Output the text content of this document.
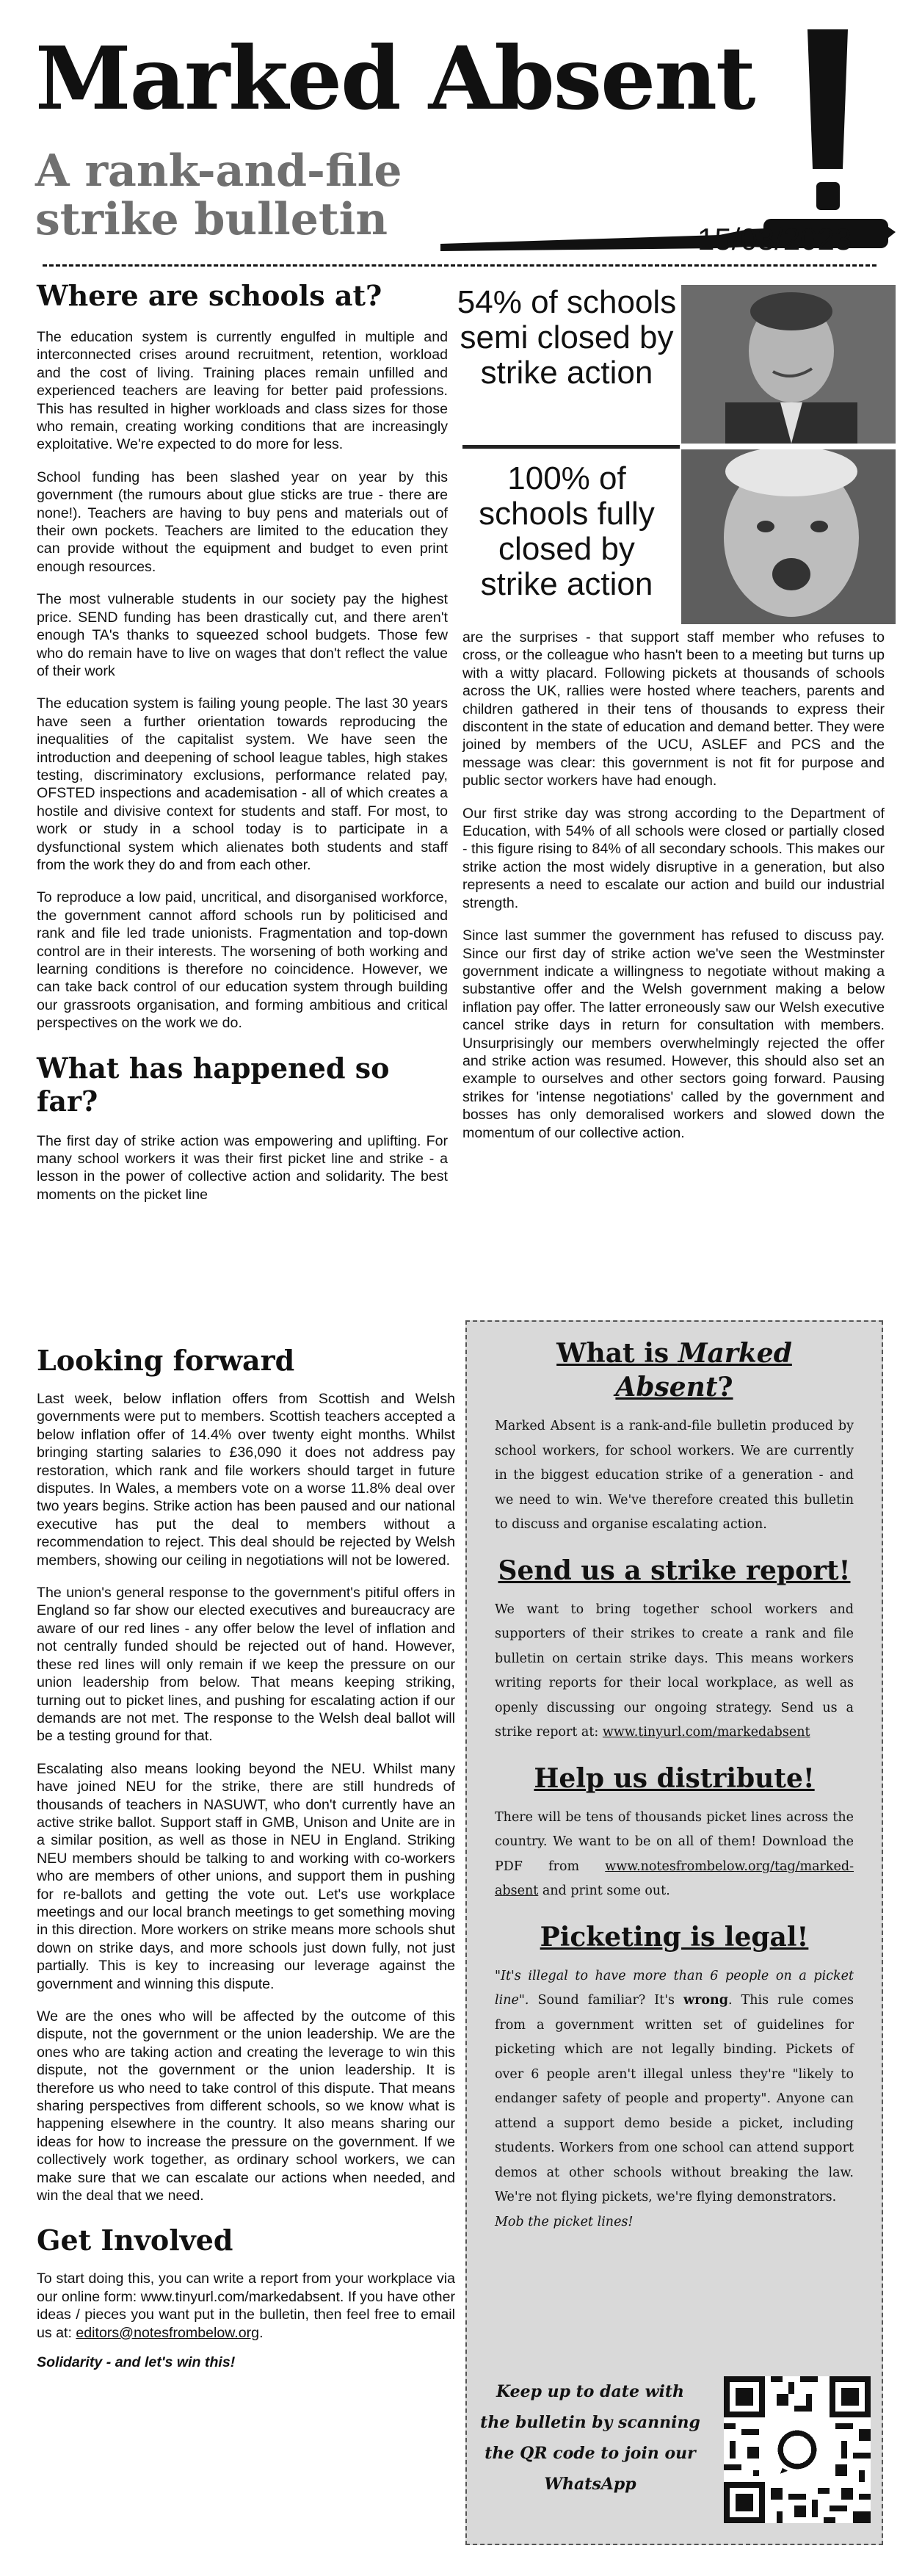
Marked Absent
A rank-and-file strike bulletin	15/03/2023
Where are schools at?

The education system is currently engulfed in multiple and interconnected crises around recruitment, retention, workload and the cost of living. Training places remain unfilled and experienced teachers are leaving for better paid professions. This has resulted in higher workloads and class sizes for those who remain, creating working conditions that are increasingly exploitative. We're expected to do more for less.

School funding has been slashed year on year by this government (the rumours about glue sticks are true - there are none!). Teachers are having to buy pens and materials out of their own pockets. Teachers are limited to the education they can provide without the equipment and budget to even print enough resources.

The most vulnerable students in our society pay the highest price. SEND funding has been drastically cut, and there aren't enough TA's thanks to squeezed school budgets. Those few who do remain have to live on wages that don't reflect the value of their work

The education system is failing young people. The last 30 years have seen a further orientation towards reproducing the inequalities of the capitalist system. We have seen the introduction and deepening of school league tables, high stakes testing, discriminatory exclusions, performance related pay, OFSTED inspections and academisation - all of which creates a hostile and divisive context for students and staff. For most, to work or study in a school today is to participate in a dysfunctional system which alienates both students and staff from the work they do and from each other.

To reproduce a low paid, uncritical, and disorganised workforce, the government cannot afford schools run by politicised and rank and file led trade unionists. Fragmentation and top-down control are in their interests. The worsening of both working and learning conditions is therefore no coincidence. However, we can take back control of our education system through building our grassroots organisation, and forming ambitious and critical perspectives on the work we do.

What has happened so far?

The first day of strike action was empowering and uplifting. For many school workers it was their first picket line and strike - a lesson in the power of collective action and solidarity. The best moments on the picket line

54% of schools semi closed by strike action
100% of schools fully closed by strike action

are the surprises - that support staff member who refuses to cross, or the colleague who hasn't been to a meeting but turns up with a witty placard. Following pickets at thousands of schools across the UK, rallies were hosted where teachers, parents and children gathered in their tens of thousands to express their discontent in the state of education and demand better. They were joined by members of the UCU, ASLEF and PCS and the message was clear: this government is not fit for purpose and public sector workers have had enough.

Our first strike day was strong according to the Department of Education, with 54% of all schools were closed or partially closed - this figure rising to 84% of all secondary schools. This makes our strike action the most widely disruptive in a generation, but also represents a need to escalate our action and build our industrial strength.

Since last summer the government has refused to discuss pay. Since our first day of strike action we've seen the Westminster government indicate a willingness to negotiate without making a substantive offer and the Welsh government making a below inflation pay offer. The latter erroneously saw our Welsh executive cancel strike days in return for consultation with members. Unsurprisingly our members overwhelmingly rejected the offer and strike action was resumed. However, this should also set an example to ourselves and other sectors going forward. Pausing strikes for 'intense negotiations' called by the government and bosses has only demoralised workers and slowed down the momentum of our collective action.

Looking forward

Last week, below inflation offers from Scottish and Welsh governments were put to members. Scottish teachers accepted a below inflation offer of 14.4% over twenty eight months. Whilst bringing starting salaries to £36,090 it does not address pay restoration, which rank and file workers should target in future disputes. In Wales, a members vote on a worse 11.8% deal over two years begins. Strike action has been paused and our national executive has put the deal to members without a recommendation to reject. This deal should be rejected by Welsh members, showing our ceiling in negotiations will not be lowered.

The union's general response to the government's pitiful offers in England so far show our elected executives and bureaucracy are aware of our red lines - any offer below the level of inflation and not centrally funded should be rejected out of hand. However, these red lines will only remain if we keep the pressure on our union leadership from below. That means keeping striking, turning out to picket lines, and pushing for escalating action if our demands are not met. The response to the Welsh deal ballot will be a testing ground for that.

Escalating also means looking beyond the NEU. Whilst many have joined NEU for the strike, there are still hundreds of thousands of teachers in NASUWT, who don't currently have an active strike ballot. Support staff in GMB, Unison and Unite are in a similar position, as well as those in NEU in England. Striking NEU members should be talking to and working with co-workers who are members of other unions, and support them in pushing for re-ballots and getting the vote out. Let's use workplace meetings and our local branch meetings to get something moving in this direction. More workers on strike means more schools shut down on strike days, and more schools just down fully, not just partially. This is key to increasing our leverage against the government and winning this dispute.

We are the ones who will be affected by the outcome of this dispute, not the government or the union leadership. We are the ones who are taking action and creating the leverage to win this dispute, not the government or the union leadership. It is therefore us who need to take control of this dispute. That means sharing perspectives from different schools, so we know what is happening elsewhere in the country. It also means sharing our ideas for how to increase the pressure on the government. If we collectively work together, as ordinary school workers, we can make sure that we can escalate our actions when needed, and win the deal that we need.

Get Involved

To start doing this, you can write a report from your workplace via our online form: www.tinyurl.com/markedabsent. If you have other ideas / pieces you want put in the bulletin, then feel free to email us at: editors@notesfrombelow.org.

Solidarity - and let's win this!

What is Marked Absent?
Marked Absent is a rank-and-file bulletin produced by school workers, for school workers. We are currently in the biggest education strike of a generation - and we need to win. We've therefore created this bulletin to discuss and organise escalating action.
Send us a strike report!
We want to bring together school workers and supporters of their strikes to create a rank and file bulletin on certain strike days. This means workers writing reports for their local workplace, as well as openly discussing our ongoing strategy. Send us a strike report at: www.tinyurl.com/markedabsent
Help us distribute!
There will be tens of thousands picket lines across the country. We want to be on all of them! Download the PDF from www.notesfrombelow.org/tag/marked-absent and print some out.
Picketing is legal!
"It's illegal to have more than 6 people on a picket line". Sound familiar? It's wrong. This rule comes from a government written set of guidelines for picketing which are not legally binding. Pickets of over 6 people aren't illegal unless they're "likely to endanger safety of people and property". Anyone can attend a support demo beside a picket, including students. Workers from one school can attend support demos at other schools without breaking the law. We're not flying pickets, we're flying demonstrators.
Mob the picket lines!
Keep up to date with the bulletin by scanning the QR code to join our WhatsApp
